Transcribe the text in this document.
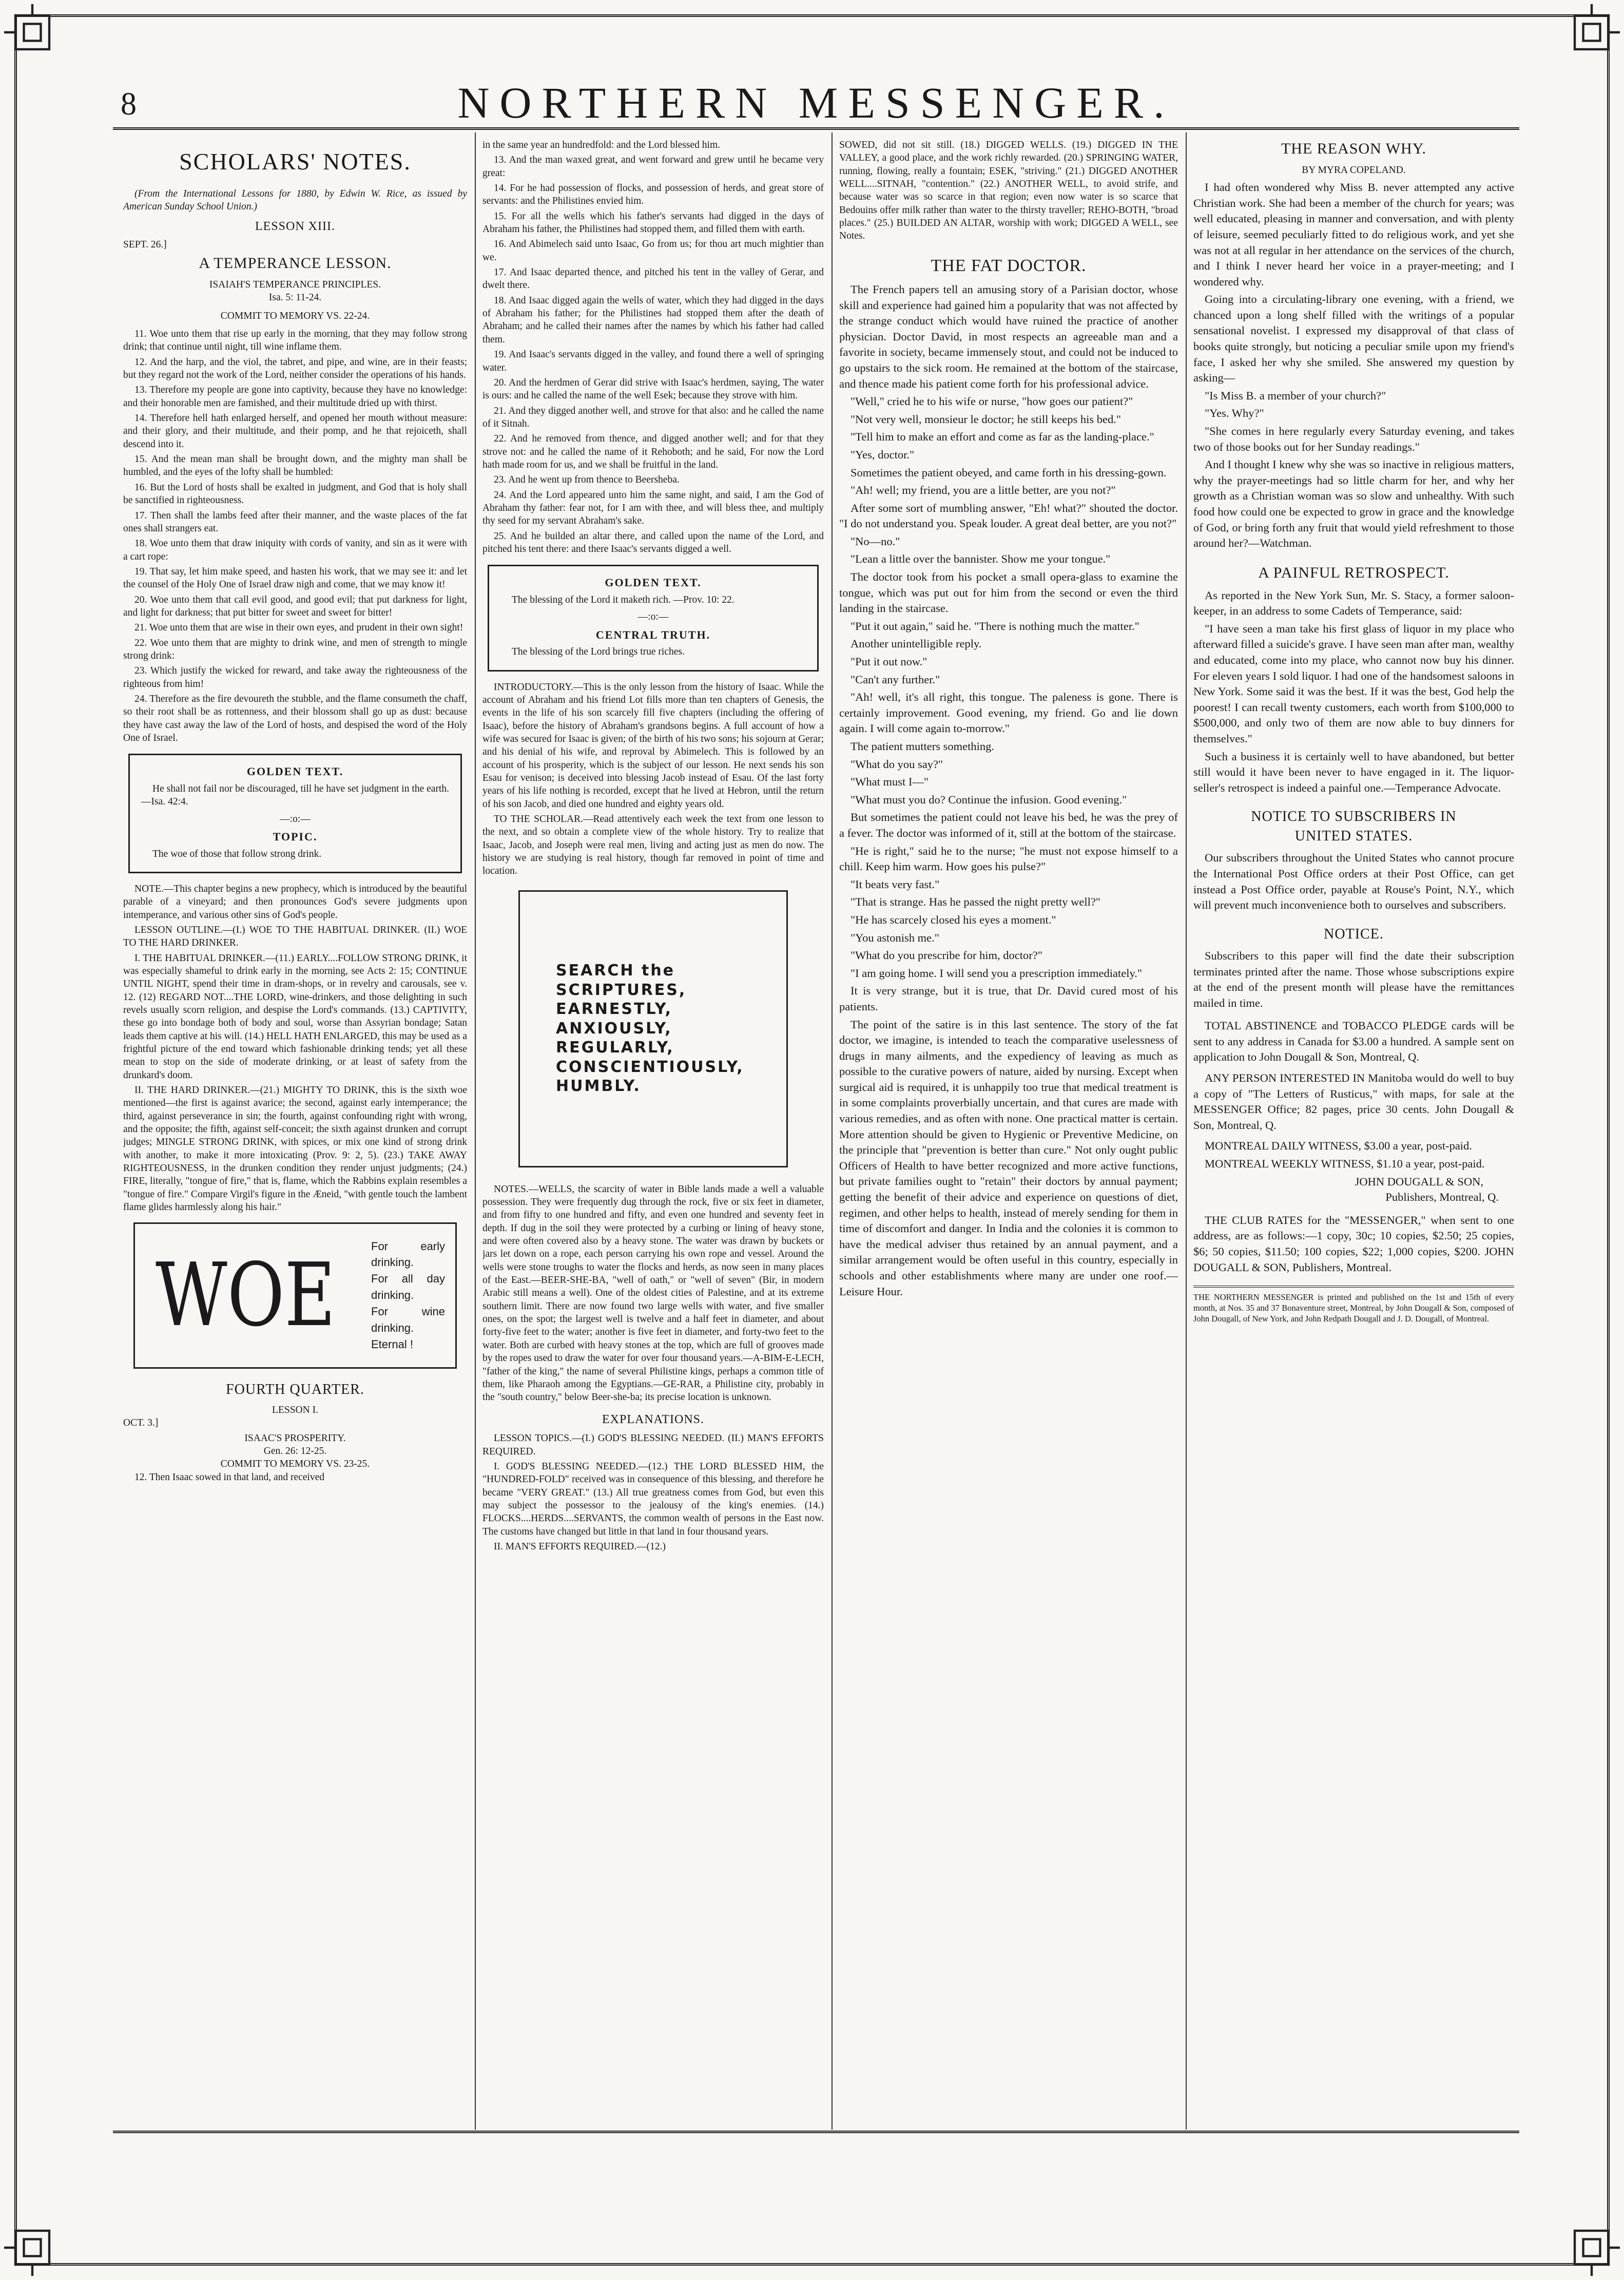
8	NORTHERN MESSENGER.
SCHOLARS' NOTES.

(From the International Lessons for 1880, by Edwin W. Rice, as issued by American Sunday School Union.)

LESSON XIII.

SEPT. 26.]

A TEMPERANCE LESSON.
ISAIAH'S TEMPERANCE PRINCIPLES.
Isa. 5: 11-24.
COMMIT TO MEMORY VS. 22-24.

11. Woe unto them that rise up early in the morning, that they may follow strong drink; that continue until night, till wine inflame them.

12. And the harp, and the viol, the tabret, and pipe, and wine, are in their feasts; but they regard not the work of the Lord, neither consider the operations of his hands.

13. Therefore my people are gone into captivity, because they have no knowledge: and their honorable men are famished, and their multitude dried up with thirst.

14. Therefore hell hath enlarged herself, and opened her mouth without measure: and their glory, and their multitude, and their pomp, and he that rejoiceth, shall descend into it.

15. And the mean man shall be brought down, and the mighty man shall be humbled, and the eyes of the lofty shall be humbled:

16. But the Lord of hosts shall be exalted in judgment, and God that is holy shall be sanctified in righteousness.

17. Then shall the lambs feed after their manner, and the waste places of the fat ones shall strangers eat.

18. Woe unto them that draw iniquity with cords of vanity, and sin as it were with a cart rope:

19. That say, let him make speed, and hasten his work, that we may see it: and let the counsel of the Holy One of Israel draw nigh and come, that we may know it!

20. Woe unto them that call evil good, and good evil; that put darkness for light, and light for darkness; that put bitter for sweet and sweet for bitter!

21. Woe unto them that are wise in their own eyes, and prudent in their own sight!

22. Woe unto them that are mighty to drink wine, and men of strength to mingle strong drink:

23. Which justify the wicked for reward, and take away the righteousness of the righteous from him!

24. Therefore as the fire devoureth the stubble, and the flame consumeth the chaff, so their root shall be as rottenness, and their blossom shall go up as dust: because they have cast away the law of the Lord of hosts, and despised the word of the Holy One of Israel.

GOLDEN TEXT.

He shall not fail nor be discouraged, till he have set judgment in the earth.—Isa. 42:4.

—:o:—
TOPIC.

The woe of those that follow strong drink.

NOTE.—This chapter begins a new prophecy, which is introduced by the beautiful parable of a vineyard; and then pronounces God's severe judgments upon intemperance, and various other sins of God's people.

LESSON OUTLINE.—(I.) WOE TO THE HABITUAL DRINKER. (II.) WOE TO THE HARD DRINKER.

I. THE HABITUAL DRINKER.—(11.) EARLY....FOLLOW STRONG DRINK, it was especially shameful to drink early in the morning, see Acts 2: 15; CONTINUE UNTIL NIGHT, spend their time in dram-shops, or in revelry and carousals, see v. 12. (12) REGARD NOT....THE LORD, wine-drinkers, and those delighting in such revels usually scorn religion, and despise the Lord's commands. (13.) CAPTIVITY, these go into bondage both of body and soul, worse than Assyrian bondage; Satan leads them captive at his will. (14.) HELL HATH ENLARGED, this may be used as a frightful picture of the end toward which fashionable drinking tends; yet all these mean to stop on the side of moderate drinking, or at least of safety from the drunkard's doom.

II. THE HARD DRINKER.—(21.) MIGHTY TO DRINK, this is the sixth woe mentioned—the first is against avarice; the second, against early intemperance; the third, against perseverance in sin; the fourth, against confounding right with wrong, and the opposite; the fifth, against self-conceit; the sixth against drunken and corrupt judges; MINGLE STRONG DRINK, with spices, or mix one kind of strong drink with another, to make it more intoxicating (Prov. 9: 2, 5). (23.) TAKE AWAY RIGHTEOUSNESS, in the drunken condition they render unjust judgments; (24.) FIRE, literally, "tongue of fire," that is, flame, which the Rabbins explain resembles a "tongue of fire." Compare Virgil's figure in the Æneid, "with gentle touch the lambent flame glides harmlessly along his hair."

WOE	For early drinking.
For all day drinking.
For wine drinking.
Eternal !
FOURTH QUARTER.
LESSON I.

OCT. 3.]

ISAAC'S PROSPERITY.
Gen. 26: 12-25.
COMMIT TO MEMORY VS. 23-25.

12. Then Isaac sowed in that land, and received

in the same year an hundredfold: and the Lord blessed him.

13. And the man waxed great, and went forward and grew until he became very great:

14. For he had possession of flocks, and possession of herds, and great store of servants: and the Philistines envied him.

15. For all the wells which his father's servants had digged in the days of Abraham his father, the Philistines had stopped them, and filled them with earth.

16. And Abimelech said unto Isaac, Go from us; for thou art much mightier than we.

17. And Isaac departed thence, and pitched his tent in the valley of Gerar, and dwelt there.

18. And Isaac digged again the wells of water, which they had digged in the days of Abraham his father; for the Philistines had stopped them after the death of Abraham; and he called their names after the names by which his father had called them.

19. And Isaac's servants digged in the valley, and found there a well of springing water.

20. And the herdmen of Gerar did strive with Isaac's herdmen, saying, The water is ours: and he called the name of the well Esek; because they strove with him.

21. And they digged another well, and strove for that also: and he called the name of it Sitnah.

22. And he removed from thence, and digged another well; and for that they strove not: and he called the name of it Rehoboth; and he said, For now the Lord hath made room for us, and we shall be fruitful in the land.

23. And he went up from thence to Beersheba.

24. And the Lord appeared unto him the same night, and said, I am the God of Abraham thy father: fear not, for I am with thee, and will bless thee, and multiply thy seed for my servant Abraham's sake.

25. And he builded an altar there, and called upon the name of the Lord, and pitched his tent there: and there Isaac's servants digged a well.

GOLDEN TEXT.

The blessing of the Lord it maketh rich. —Prov. 10: 22.

—:o:—
CENTRAL TRUTH.

The blessing of the Lord brings true riches.

INTRODUCTORY.—This is the only lesson from the history of Isaac. While the account of Abraham and his friend Lot fills more than ten chapters of Genesis, the events in the life of his son scarcely fill five chapters (including the offering of Isaac), before the history of Abraham's grandsons begins. A full account of how a wife was secured for Isaac is given; of the birth of his two sons; his sojourn at Gerar; and his denial of his wife, and reproval by Abimelech. This is followed by an account of his prosperity, which is the subject of our lesson. He next sends his son Esau for venison; is deceived into blessing Jacob instead of Esau. Of the last forty years of his life nothing is recorded, except that he lived at Hebron, until the return of his son Jacob, and died one hundred and eighty years old.

TO THE SCHOLAR.—Read attentively each week the text from one lesson to the next, and so obtain a complete view of the whole history. Try to realize that Isaac, Jacob, and Joseph were real men, living and acting just as men do now. The history we are studying is real history, though far removed in point of time and location.

SEARCH the
SCRIPTURES,
EARNESTLY,
ANXIOUSLY,
REGULARLY,
CONSCIENTIOUSLY,
HUMBLY.

NOTES.—WELLS, the scarcity of water in Bible lands made a well a valuable possession. They were frequently dug through the rock, five or six feet in diameter, and from fifty to one hundred and fifty, and even one hundred and seventy feet in depth. If dug in the soil they were protected by a curbing or lining of heavy stone, and were often covered also by a heavy stone. The water was drawn by buckets or jars let down on a rope, each person carrying his own rope and vessel. Around the wells were stone troughs to water the flocks and herds, as now seen in many places of the East.—BEER-SHE-BA, "well of oath," or "well of seven" (Bir, in modern Arabic still means a well). One of the oldest cities of Palestine, and at its extreme southern limit. There are now found two large wells with water, and five smaller ones, on the spot; the largest well is twelve and a half feet in diameter, and about forty-five feet to the water; another is five feet in diameter, and forty-two feet to the water. Both are curbed with heavy stones at the top, which are full of grooves made by the ropes used to draw the water for over four thousand years.—A-BIM-E-LECH, "father of the king," the name of several Philistine kings, perhaps a common title of them, like Pharaoh among the Egyptians.—GE-RAR, a Philistine city, probably in the "south country," below Beer-she-ba; its precise location is unknown.

EXPLANATIONS.

LESSON TOPICS.—(I.) GOD'S BLESSING NEEDED. (II.) MAN'S EFFORTS REQUIRED.

I. GOD'S BLESSING NEEDED.—(12.) THE LORD BLESSED HIM, the "HUNDRED-FOLD" received was in consequence of this blessing, and therefore he became "VERY GREAT." (13.) All true greatness comes from God, but even this may subject the possessor to the jealousy of the king's enemies. (14.) FLOCKS....HERDS....SERVANTS, the common wealth of persons in the East now. The customs have changed but little in that land in four thousand years.

II. MAN'S EFFORTS REQUIRED.—(12.)

SOWED, did not sit still. (18.) DIGGED WELLS. (19.) DIGGED IN THE VALLEY, a good place, and the work richly rewarded. (20.) SPRINGING WATER, running, flowing, really a fountain; ESEK, "striving." (21.) DIGGED ANOTHER WELL....SITNAH, "contention." (22.) ANOTHER WELL, to avoid strife, and because water was so scarce in that region; even now water is so scarce that Bedouins offer milk rather than water to the thirsty traveller; REHO-BOTH, "broad places." (25.) BUILDED AN ALTAR, worship with work; DIGGED A WELL, see Notes.

THE FAT DOCTOR.

The French papers tell an amusing story of a Parisian doctor, whose skill and experience had gained him a popularity that was not affected by the strange conduct which would have ruined the practice of another physician. Doctor David, in most respects an agreeable man and a favorite in society, became immensely stout, and could not be induced to go upstairs to the sick room. He remained at the bottom of the staircase, and thence made his patient come forth for his professional advice.

"Well," cried he to his wife or nurse, "how goes our patient?"

"Not very well, monsieur le doctor; he still keeps his bed."

"Tell him to make an effort and come as far as the landing-place."

"Yes, doctor."

Sometimes the patient obeyed, and came forth in his dressing-gown.

"Ah! well; my friend, you are a little better, are you not?"

After some sort of mumbling answer, "Eh! what?" shouted the doctor. "I do not understand you. Speak louder. A great deal better, are you not?"

"No—no."

"Lean a little over the bannister. Show me your tongue."

The doctor took from his pocket a small opera-glass to examine the tongue, which was put out for him from the second or even the third landing in the staircase.

"Put it out again," said he. "There is nothing much the matter."

Another unintelligible reply.

"Put it out now."

"Can't any further."

"Ah! well, it's all right, this tongue. The paleness is gone. There is certainly improvement. Good evening, my friend. Go and lie down again. I will come again to-morrow."

The patient mutters something.

"What do you say?"

"What must I—"

"What must you do? Continue the infusion. Good evening."

But sometimes the patient could not leave his bed, he was the prey of a fever. The doctor was informed of it, still at the bottom of the staircase.

"He is right," said he to the nurse; "he must not expose himself to a chill. Keep him warm. How goes his pulse?"

"It beats very fast."

"That is strange. Has he passed the night pretty well?"

"He has scarcely closed his eyes a moment."

"You astonish me."

"What do you prescribe for him, doctor?"

"I am going home. I will send you a prescription immediately."

It is very strange, but it is true, that Dr. David cured most of his patients.

The point of the satire is in this last sentence. The story of the fat doctor, we imagine, is intended to teach the comparative uselessness of drugs in many ailments, and the expediency of leaving as much as possible to the curative powers of nature, aided by nursing. Except when surgical aid is required, it is unhappily too true that medical treatment is in some complaints proverbially uncertain, and that cures are made with various remedies, and as often with none. One practical matter is certain. More attention should be given to Hygienic or Preventive Medicine, on the principle that "prevention is better than cure." Not only ought public Officers of Health to have better recognized and more active functions, but private families ought to "retain" their doctors by annual payment; getting the benefit of their advice and experience on questions of diet, regimen, and other helps to health, instead of merely sending for them in time of discomfort and danger. In India and the colonies it is common to have the medical adviser thus retained by an annual payment, and a similar arrangement would be often useful in this country, especially in schools and other establishments where many are under one roof.—Leisure Hour.

THE REASON WHY.
BY MYRA COPELAND.

I had often wondered why Miss B. never attempted any active Christian work. She had been a member of the church for years; was well educated, pleasing in manner and conversation, and with plenty of leisure, seemed peculiarly fitted to do religious work, and yet she was not at all regular in her attendance on the services of the church, and I think I never heard her voice in a prayer-meeting; and I wondered why.

Going into a circulating-library one evening, with a friend, we chanced upon a long shelf filled with the writings of a popular sensational novelist. I expressed my disapproval of that class of books quite strongly, but noticing a peculiar smile upon my friend's face, I asked her why she smiled. She answered my question by asking—

"Is Miss B. a member of your church?"

"Yes. Why?"

"She comes in here regularly every Saturday evening, and takes two of those books out for her Sunday readings."

And I thought I knew why she was so inactive in religious matters, why the prayer-meetings had so little charm for her, and why her growth as a Christian woman was so slow and unhealthy. With such food how could one be expected to grow in grace and the knowledge of God, or bring forth any fruit that would yield refreshment to those around her?—Watchman.

A PAINFUL RETROSPECT.

As reported in the New York Sun, Mr. S. Stacy, a former saloon-keeper, in an address to some Cadets of Temperance, said:

"I have seen a man take his first glass of liquor in my place who afterward filled a suicide's grave. I have seen man after man, wealthy and educated, come into my place, who cannot now buy his dinner. For eleven years I sold liquor. I had one of the handsomest saloons in New York. Some said it was the best. If it was the best, God help the poorest! I can recall twenty customers, each worth from $100,000 to $500,000, and only two of them are now able to buy dinners for themselves."

Such a business it is certainly well to have abandoned, but better still would it have been never to have engaged in it. The liquor-seller's retrospect is indeed a painful one.—Temperance Advocate.

NOTICE TO SUBSCRIBERS IN
UNITED STATES.

Our subscribers throughout the United States who cannot procure the International Post Office orders at their Post Office, can get instead a Post Office order, payable at Rouse's Point, N.Y., which will prevent much inconvenience both to ourselves and subscribers.

NOTICE.

Subscribers to this paper will find the date their subscription terminates printed after the name. Those whose subscriptions expire at the end of the present month will please have the remittances mailed in time.

TOTAL ABSTINENCE and TOBACCO PLEDGE cards will be sent to any address in Canada for $3.00 a hundred. A sample sent on application to John Dougall & Son, Montreal, Q.

ANY PERSON INTERESTED IN Manitoba would do well to buy a copy of "The Letters of Rusticus," with maps, for sale at the MESSENGER Office; 82 pages, price 30 cents. John Dougall & Son, Montreal, Q.

MONTREAL DAILY WITNESS, $3.00 a year, post-paid.

MONTREAL WEEKLY WITNESS, $1.10 a year, post-paid.

JOHN DOUGALL & SON,
Publishers, Montreal, Q.

THE CLUB RATES for the "MESSENGER," when sent to one address, are as follows:—1 copy, 30c; 10 copies, $2.50; 25 copies, $6; 50 copies, $11.50; 100 copies, $22; 1,000 copies, $200. JOHN DOUGALL & SON, Publishers, Montreal.

THE NORTHERN MESSENGER is printed and published on the 1st and 15th of every month, at Nos. 35 and 37 Bonaventure street, Montreal, by John Dougall & Son, composed of John Dougall, of New York, and John Redpath Dougall and J. D. Dougall, of Montreal.
